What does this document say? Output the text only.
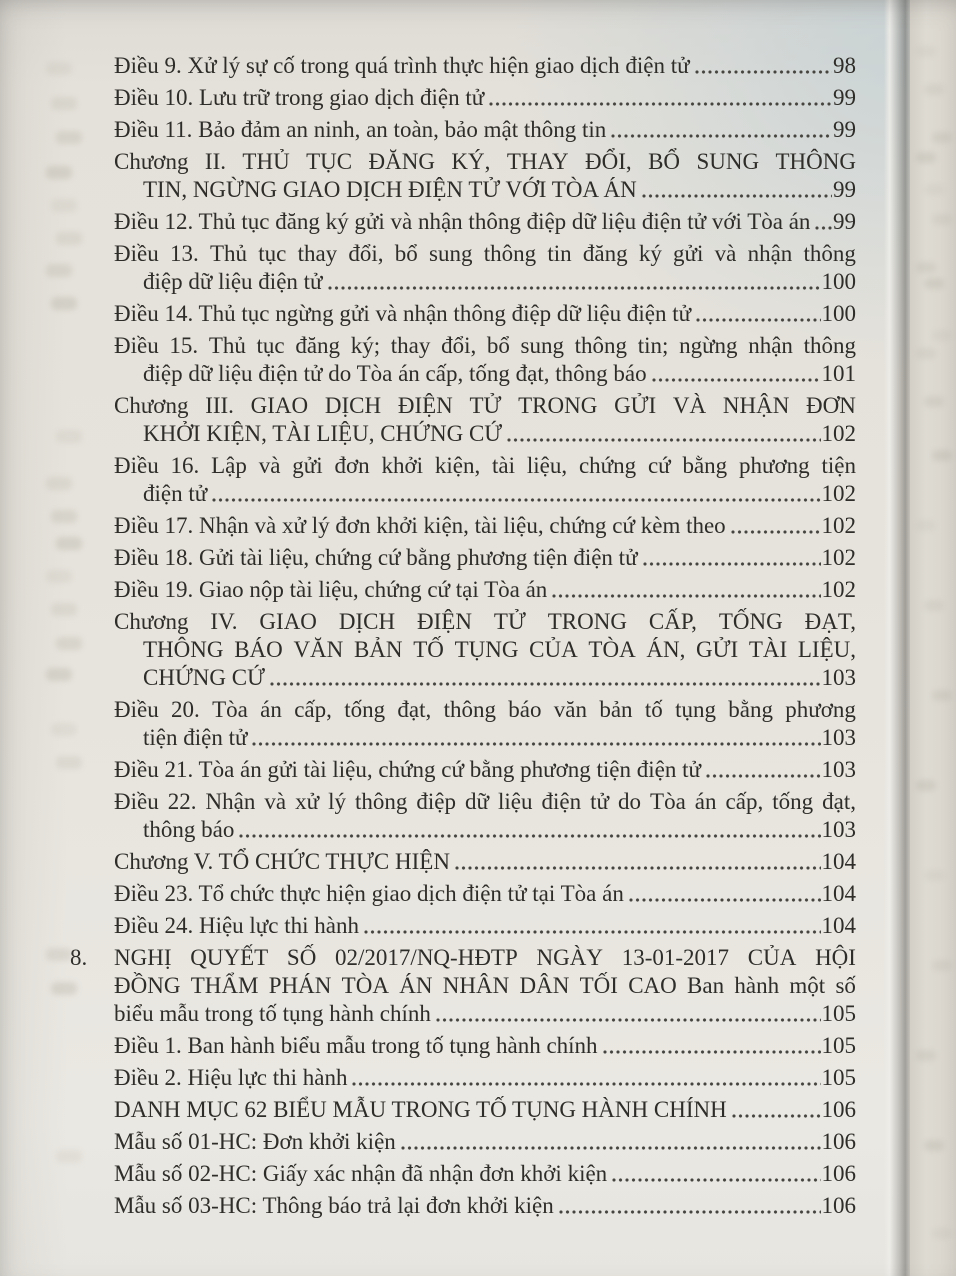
Điều 9. Xử lý sự cố trong quá trình thực hiện giao dịch điện tử	98
Điều 10. Lưu trữ trong giao dịch điện tử	99
Điều 11. Bảo đảm an ninh, an toàn, bảo mật thông tin	99
Chương II. THỦ TỤC ĐĂNG KÝ, THAY ĐỔI, BỔ SUNG THÔNG
TIN, NGỪNG GIAO DỊCH ĐIỆN TỬ VỚI TÒA ÁN	99
Điều 12. Thủ tục đăng ký gửi và nhận thông điệp dữ liệu điện tử với Tòa án 99
Điều 13. Thủ tục thay đổi, bổ sung thông tin đăng ký gửi và nhận thông
điệp dữ liệu điện tử	100
Điều 14. Thủ tục ngừng gửi và nhận thông điệp dữ liệu điện tử	100
Điều 15. Thủ tục đăng ký; thay đổi, bổ sung thông tin; ngừng nhận thông
điệp dữ liệu điện tử do Tòa án cấp, tống đạt, thông báo	101
Chương III. GIAO DỊCH ĐIỆN TỬ TRONG GỬI VÀ NHẬN ĐƠN
KHỞI KIỆN, TÀI LIỆU, CHỨNG CỨ	102
Điều 16. Lập và gửi đơn khởi kiện, tài liệu, chứng cứ bằng phương tiện
điện tử	102
Điều 17. Nhận và xử lý đơn khởi kiện, tài liệu, chứng cứ kèm theo	102
Điều 18. Gửi tài liệu, chứng cứ bằng phương tiện điện tử	102
Điều 19. Giao nộp tài liệu, chứng cứ tại Tòa án	102
Chương IV. GIAO DỊCH ĐIỆN TỬ TRONG CẤP, TỐNG ĐẠT,
THÔNG BÁO VĂN BẢN TỐ TỤNG CỦA TÒA ÁN, GỬI TÀI LIỆU,
CHỨNG CỨ	103
Điều 20. Tòa án cấp, tống đạt, thông báo văn bản tố tụng bằng phương
tiện điện tử	103
Điều 21. Tòa án gửi tài liệu, chứng cứ bằng phương tiện điện tử	103
Điều 22. Nhận và xử lý thông điệp dữ liệu điện tử do Tòa án cấp, tống đạt,
thông báo	103
Chương V. TỔ CHỨC THỰC HIỆN	104
Điều 23. Tổ chức thực hiện giao dịch điện tử tại Tòa án	104
Điều 24. Hiệu lực thi hành	104
8. NGHỊ QUYẾT SỐ 02/2017/NQ-HĐTP NGÀY 13-01-2017 CỦA HỘI
ĐỒNG THẨM PHÁN TÒA ÁN NHÂN DÂN TỐI CAO Ban hành một số
biểu mẫu trong tố tụng hành chính	105
Điều 1. Ban hành biểu mẫu trong tố tụng hành chính	105
Điều 2. Hiệu lực thi hành	105
DANH MỤC 62 BIỂU MẪU TRONG TỐ TỤNG HÀNH CHÍNH	106
Mẫu số 01-HC: Đơn khởi kiện	106
Mẫu số 02-HC: Giấy xác nhận đã nhận đơn khởi kiện	106
Mẫu số 03-HC: Thông báo trả lại đơn khởi kiện	106
